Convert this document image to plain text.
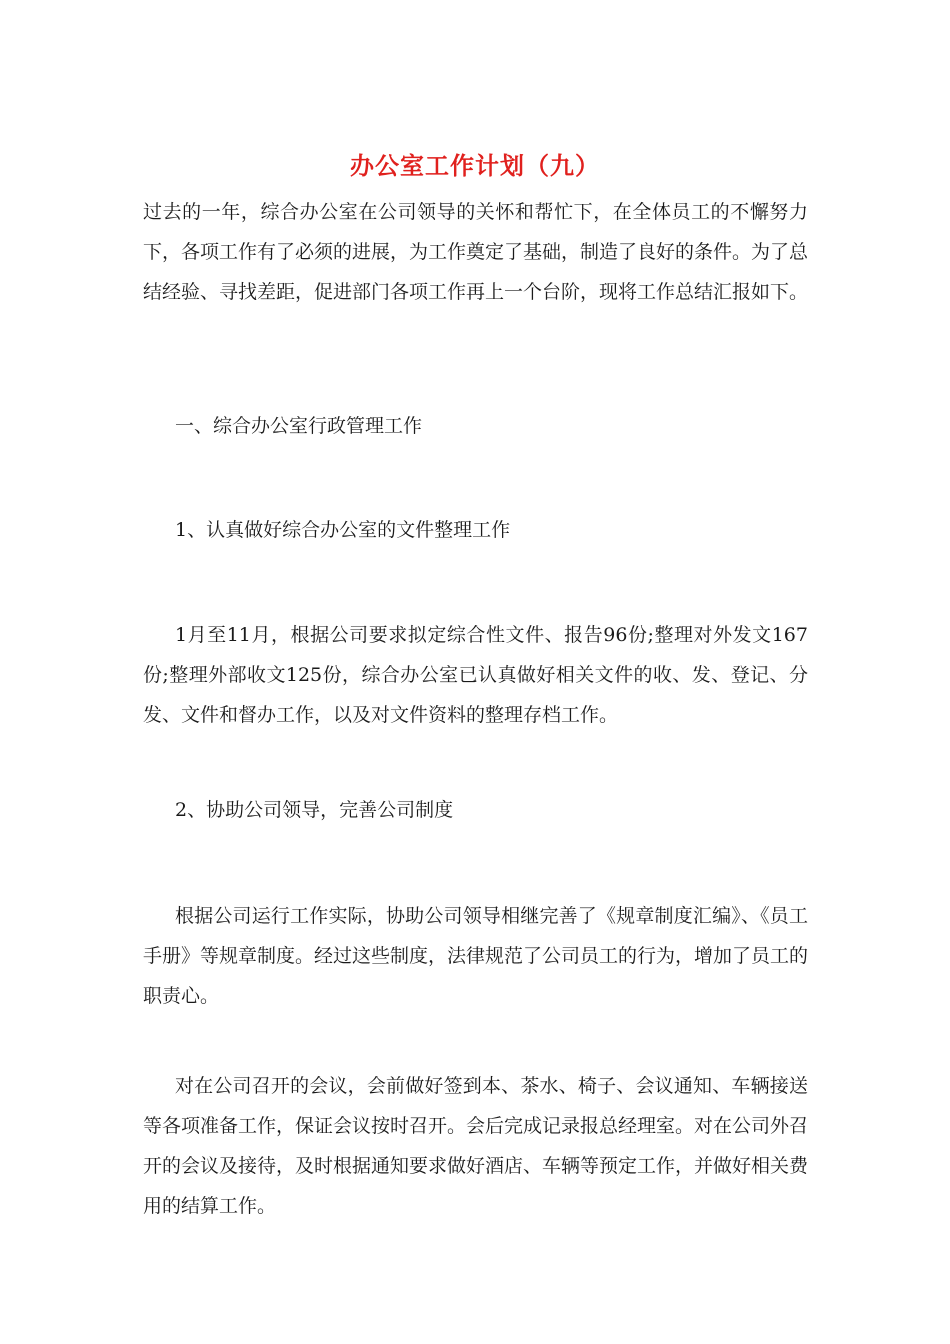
办公室工作计划（九）

过去的一年，综合办公室在公司领导的关怀和帮忙下，在全体员工的不懈努力下，各项工作有了必须的进展，为工作奠定了基础，制造了良好的条件。为了总结经验、寻找差距，促进部门各项工作再上一个台阶，现将工作总结汇报如下。

一、综合办公室行政管理工作

1、认真做好综合办公室的文件整理工作

1月至11月，根据公司要求拟定综合性文件、报告96份;整理对外发文167份;整理外部收文125份，综合办公室已认真做好相关文件的收、发、登记、分发、文件和督办工作，以及对文件资料的整理存档工作。

2、协助公司领导，完善公司制度

根据公司运行工作实际，协助公司领导相继完善了《规章制度汇编》、《员工手册》等规章制度。经过这些制度，法律规范了公司员工的行为，增加了员工的职责心。

对在公司召开的会议，会前做好签到本、茶水、椅子、会议通知、车辆接送等各项准备工作，保证会议按时召开。会后完成记录报总经理室。对在公司外召开的会议及接待，及时根据通知要求做好酒店、车辆等预定工作，并做好相关费用的结算工作。
